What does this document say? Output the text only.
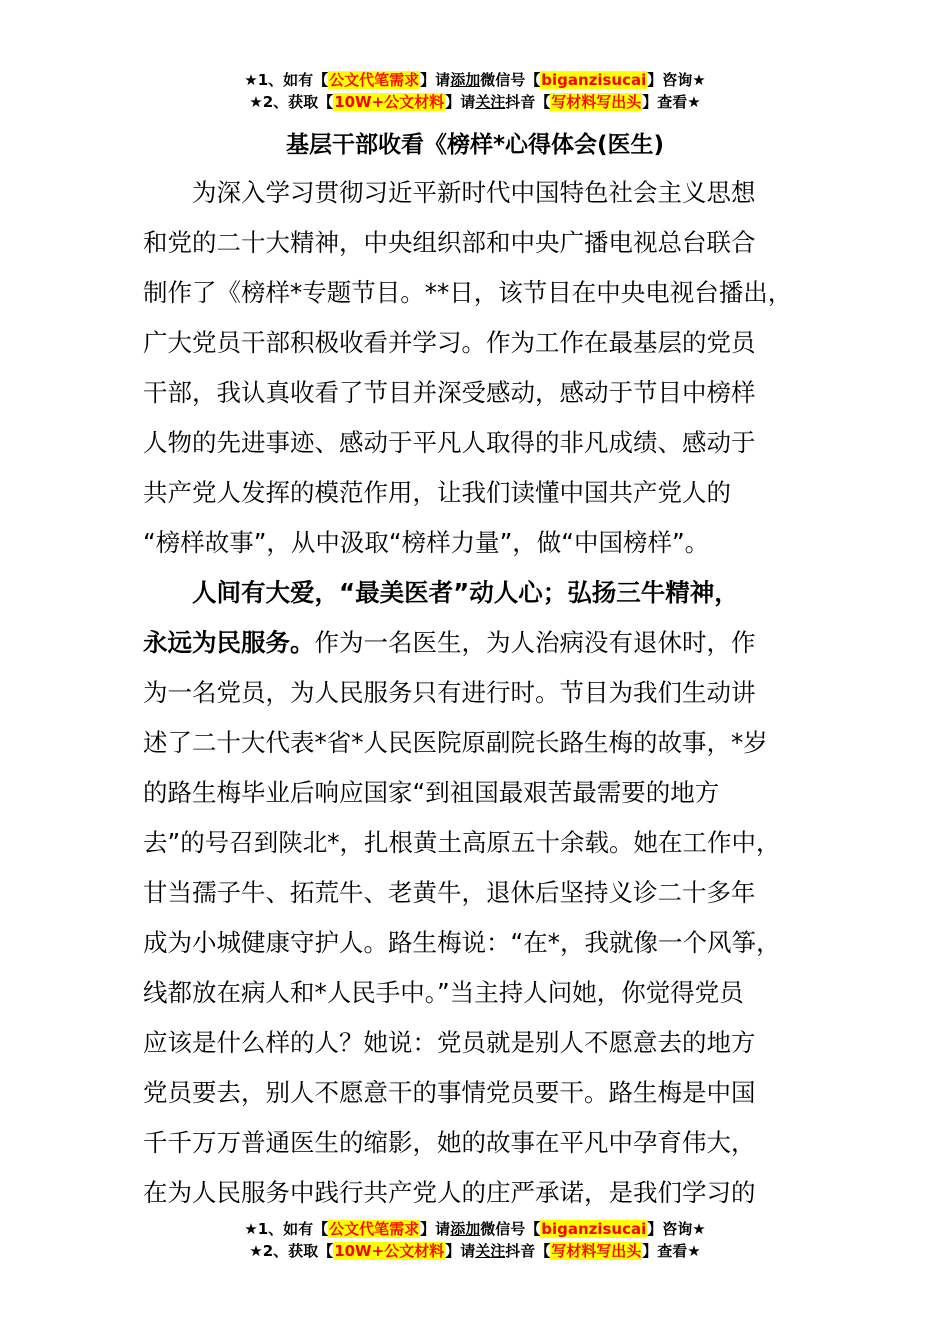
★1、如有【公文代笔需求】请添加微信号【biganzisucai】咨询★
★2、获取【10W+公文材料】请关注抖音【写材料写出头】查看★
基层干部收看《榜样*心得体会(医生)
为深入学习贯彻习近平新时代中国特色社会主义思想
和党的二十大精神，中央组织部和中央广播电视总台联合
制作了《榜样*专题节目。**日，该节目在中央电视台播出，
广大党员干部积极收看并学习。作为工作在最基层的党员
干部，我认真收看了节目并深受感动，感动于节目中榜样
人物的先进事迹、感动于平凡人取得的非凡成绩、感动于
共产党人发挥的模范作用，让我们读懂中国共产党人的
“榜样故事”，从中汲取“榜样力量”，做“中国榜样”。
人间有大爱，“最美医者”动人心；弘扬三牛精神，
永远为民服务。作为一名医生，为人治病没有退休时，作
为一名党员，为人民服务只有进行时。节目为我们生动讲
述了二十大代表*省*人民医院原副院长路生梅的故事，*岁
的路生梅毕业后响应国家“到祖国最艰苦最需要的地方
去”的号召到陕北*，扎根黄土高原五十余载。她在工作中，
甘当孺子牛、拓荒牛、老黄牛，退休后坚持义诊二十多年
成为小城健康守护人。路生梅说：“在*，我就像一个风筝，
线都放在病人和*人民手中。”当主持人问她，你觉得党员
应该是什么样的人？她说：党员就是别人不愿意去的地方
党员要去，别人不愿意干的事情党员要干。路生梅是中国
千千万万普通医生的缩影，她的故事在平凡中孕育伟大，
在为人民服务中践行共产党人的庄严承诺，是我们学习的
★1、如有【公文代笔需求】请添加微信号【biganzisucai】咨询★
★2、获取【10W+公文材料】请关注抖音【写材料写出头】查看★
